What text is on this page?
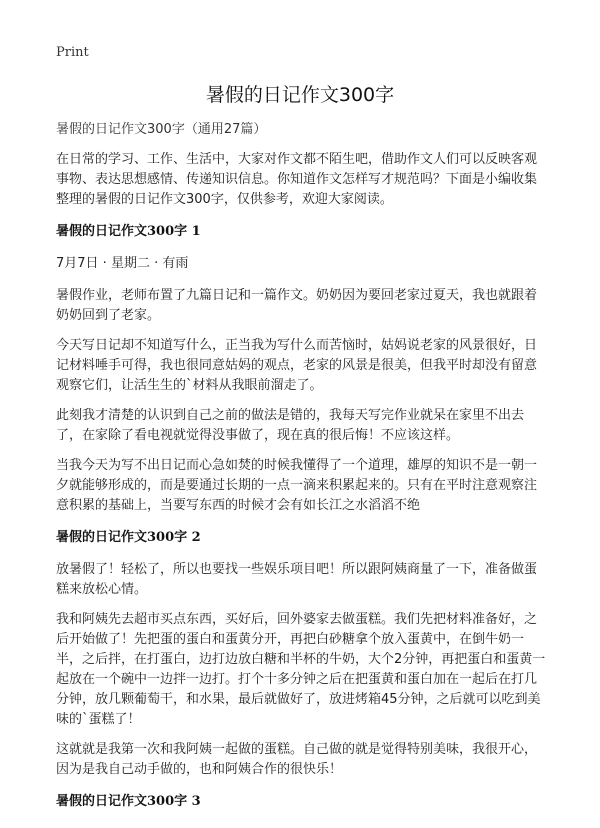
Print
暑假的日记作文300字
暑假的日记作文300字（通用27篇）

在日常的学习、工作、生活中，大家对作文都不陌生吧，借助作文人们可以反映客观事物、表达思想感情、传递知识信息。你知道作文怎样写才规范吗？下面是小编收集整理的暑假的日记作文300字，仅供参考，欢迎大家阅读。

暑假的日记作文300字 1
7月7日 · 星期二 · 有雨

暑假作业，老师布置了九篇日记和一篇作文。奶奶因为要回老家过夏天，我也就跟着奶奶回到了老家。

今天写日记却不知道写什么，正当我为写什么而苦恼时，姑妈说老家的风景很好，日记材料唾手可得，我也很同意姑妈的观点，老家的风景是很美，但我平时却没有留意观察它们，让活生生的`材料从我眼前溜走了。

此刻我才清楚的认识到自己之前的做法是错的，我每天写完作业就呆在家里不出去了，在家除了看电视就觉得没事做了，现在真的很后悔！不应该这样。

当我今天为写不出日记而心急如焚的时候我懂得了一个道理，雄厚的知识不是一朝一夕就能够形成的，而是要通过长期的一点一滴来积累起来的。只有在平时注意观察注意积累的基础上，当要写东西的时候才会有如长江之水滔滔不绝

暑假的日记作文300字 2

放暑假了！轻松了，所以也要找一些娱乐项目吧！所以跟阿姨商量了一下，准备做蛋糕来放松心情。

我和阿姨先去超市买点东西，买好后，回外婆家去做蛋糕。我们先把材料准备好，之后开始做了！先把蛋的蛋白和蛋黄分开，再把白砂糖拿个放入蛋黄中，在倒牛奶一半，之后拌，在打蛋白，边打边放白糖和半杯的牛奶，大个2分钟，再把蛋白和蛋黄一起放在一个碗中一边拌一边打。打个十多分钟之后在把蛋黄和蛋白加在一起后在打几分钟，放几颗葡萄干，和水果，最后就做好了，放进烤箱45分钟，之后就可以吃到美味的`蛋糕了！

这就就是我第一次和我阿姨一起做的蛋糕。自己做的就是觉得特别美味，我很开心，因为是我自己动手做的，也和阿姨合作的很快乐！

暑假的日记作文300字 3
